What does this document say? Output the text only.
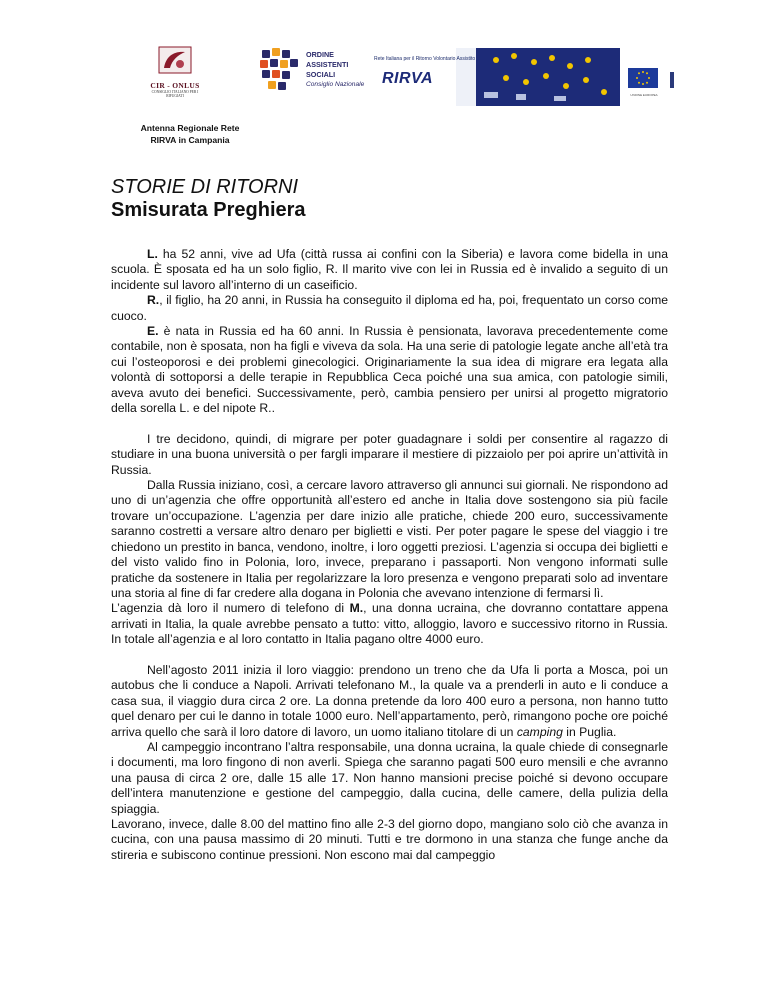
CIR - ONLUS
CONSIGLIO ITALIANO PER I RIFUGIATI
ORDINE
ASSISTENTI
SOCIALI
Consiglio Nazionale
Rete Italiana per il Ritorno Volontario Assistito
RIRVA
UNIONE EUROPEA
Antenna Regionale Rete
RIRVA in Campania
STORIE DI RITORNI
Smisurata Preghiera

L. ha 52 anni, vive ad Ufa (città russa ai confini con la Siberia) e lavora come bidella in una scuola. È sposata ed ha un solo figlio, R. Il marito vive con lei in Russia ed è invalido a seguito di un incidente sul lavoro all’interno di un caseificio.

R., il figlio, ha 20 anni, in Russia ha conseguito il diploma ed ha, poi, frequentato un corso come cuoco.

E. è nata in Russia ed ha 60 anni. In Russia è pensionata, lavorava precedentemente come contabile, non è sposata, non ha figli e viveva da sola. Ha una serie di patologie legate anche all’età tra cui l’osteoporosi e dei problemi ginecologici. Originariamente la sua idea di migrare era legata alla volontà di sottoporsi a delle terapie in Repubblica Ceca poiché una sua amica, con patologie simili, aveva avuto dei benefici. Successivamente, però, cambia pensiero per unirsi al progetto migratorio della sorella L. e del nipote R..

I tre decidono, quindi, di migrare per poter guadagnare i soldi per consentire al ragazzo di studiare in una buona università o per fargli imparare il mestiere di pizzaiolo per poi aprire un’attività in Russia.

Dalla Russia iniziano, così, a cercare lavoro attraverso gli annunci sui giornali. Ne rispondono ad uno di un’agenzia che offre opportunità all’estero ed anche in Italia dove sostengono sia più facile trovare un’occupazione. L’agenzia per dare inizio alle pratiche, chiede 200 euro, successivamente saranno costretti a versare altro denaro per biglietti e visti. Per poter pagare le spese del viaggio i tre chiedono un prestito in banca, vendono, inoltre, i loro oggetti preziosi. L’agenzia si occupa dei biglietti e del visto valido fino in Polonia, loro, invece, preparano i passaporti. Non vengono informati sulle pratiche da sostenere in Italia per regolarizzare la loro presenza e vengono preparati solo ad inventare una storia al fine di far credere alla dogana in Polonia che avevano intenzione di fermarsi lì.

L’agenzia dà loro il numero di telefono di M., una donna ucraina, che dovranno contattare appena arrivati in Italia, la quale avrebbe pensato a tutto: vitto, alloggio, lavoro e successivo ritorno in Russia. In totale all’agenzia e al loro contatto in Italia pagano oltre 4000 euro.

Nell’agosto 2011 inizia il loro viaggio: prendono un treno che da Ufa li porta a Mosca, poi un autobus che li conduce a Napoli. Arrivati telefonano M., la quale va a prenderli in auto e li conduce a casa sua, il viaggio dura circa 2 ore. La donna pretende da loro 400 euro a persona, non hanno tutto quel denaro per cui le danno in totale 1000 euro. Nell’appartamento, però, rimangono poche ore poiché arriva quello che sarà il loro datore di lavoro, un uomo italiano titolare di un camping in Puglia.

Al campeggio incontrano l’altra responsabile, una donna ucraina, la quale chiede di consegnarle i documenti, ma loro fingono di non averli. Spiega che saranno pagati 500 euro mensili e che avranno una pausa di circa 2 ore, dalle 15 alle 17. Non hanno mansioni precise poiché si devono occupare dell’intera manutenzione e gestione del campeggio, dalla cucina, delle camere, della pulizia della spiaggia.

Lavorano, invece, dalle 8.00 del mattino fino alle 2-3 del giorno dopo, mangiano solo ciò che avanza in cucina, con una pausa massimo di 20 minuti. Tutti e tre dormono in una stanza che funge anche da stireria e subiscono continue pressioni. Non escono mai dal campeggio
